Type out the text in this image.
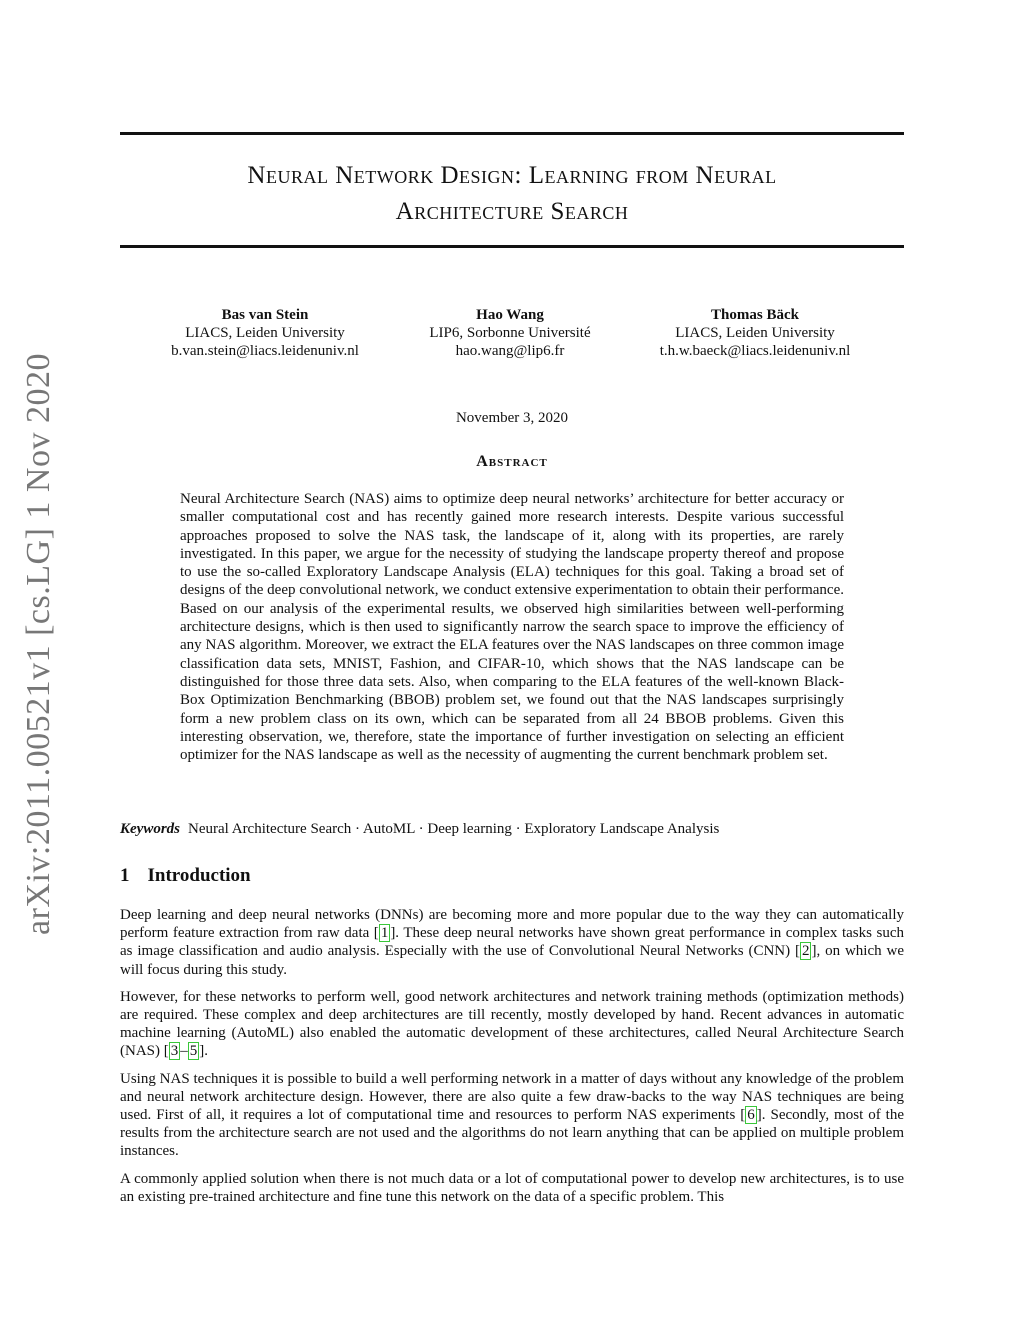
arXiv:2011.00521v1 [cs.LG] 1 Nov 2020
Neural Network Design: Learning from Neural
Architecture Search
Bas van Stein
LIACS, Leiden University
b.van.stein@liacs.leidenuniv.nl
Hao Wang
LIP6, Sorbonne Université
hao.wang@lip6.fr
Thomas Bäck
LIACS, Leiden University
t.h.w.baeck@liacs.leidenuniv.nl
November 3, 2020
Abstract
Neural Architecture Search (NAS) aims to optimize deep neural networks’ architecture for better accuracy or smaller computational cost and has recently gained more research interests. Despite various successful approaches proposed to solve the NAS task, the landscape of it, along with its properties, are rarely investigated. In this paper, we argue for the necessity of studying the landscape property thereof and propose to use the so-called Exploratory Landscape Analysis (ELA) techniques for this goal. Taking a broad set of designs of the deep convolutional network, we conduct extensive experimentation to obtain their performance. Based on our analysis of the experimental results, we observed high similarities between well-performing architecture designs, which is then used to significantly narrow the search space to improve the efficiency of any NAS algorithm. Moreover, we extract the ELA features over the NAS landscapes on three common image classification data sets, MNIST, Fashion, and CIFAR-10, which shows that the NAS landscape can be distinguished for those three data sets. Also, when comparing to the ELA features of the well-known Black-Box Optimization Benchmarking (BBOB) problem set, we found out that the NAS landscapes surprisingly form a new problem class on its own, which can be separated from all 24 BBOB problems. Given this interesting observation, we, therefore, state the importance of further investigation on selecting an efficient optimizer for the NAS landscape as well as the necessity of augmenting the current benchmark problem set.
Keywords Neural Architecture Search · AutoML · Deep learning · Exploratory Landscape Analysis
1 Introduction

Deep learning and deep neural networks (DNNs) are becoming more and more popular due to the way they can automatically perform feature extraction from raw data [ 1 ]. These deep neural networks have shown great performance in complex tasks such as image classification and audio analysis. Especially with the use of Convolutional Neural Networks (CNN) [ 2 ], on which we will focus during this study.

However, for these networks to perform well, good network architectures and network training methods (optimization methods) are required. These complex and deep architectures are till recently, mostly developed by hand. Recent advances in automatic machine learning (AutoML) also enabled the automatic development of these architectures, called Neural Architecture Search (NAS) [ 3 – 5 ].

Using NAS techniques it is possible to build a well performing network in a matter of days without any knowledge of the problem and neural network architecture design. However, there are also quite a few draw-backs to the way NAS techniques are being used. First of all, it requires a lot of computational time and resources to perform NAS experiments [ 6 ]. Secondly, most of the results from the architecture search are not used and the algorithms do not learn anything that can be applied on multiple problem instances.

A commonly applied solution when there is not much data or a lot of computational power to develop new architectures, is to use an existing pre-trained architecture and fine tune this network on the data of a specific problem. This
